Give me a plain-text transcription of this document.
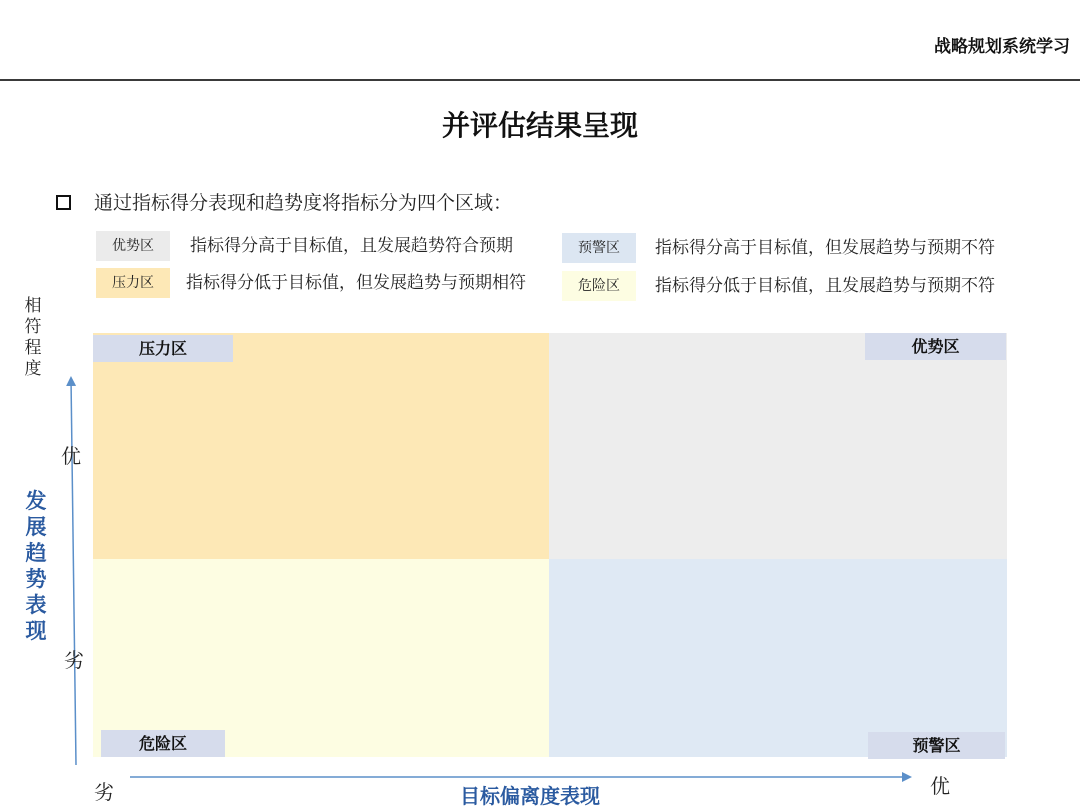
战略规划系统学习
并评估结果呈现
通过指标得分表现和趋势度将指标分为四个区域：
优势区	指标得分高于目标值，且发展趋势符合预期	预警区	指标得分高于目标值，但发展趋势与预期不符
压力区	指标得分低于目标值，但发展趋势与预期相符	危险区	指标得分低于目标值，且发展趋势与预期不符
相符程度
发展趋势表现
压力区	优势区
危险区	预警区
优
劣
劣	优
目标偏离度表现
